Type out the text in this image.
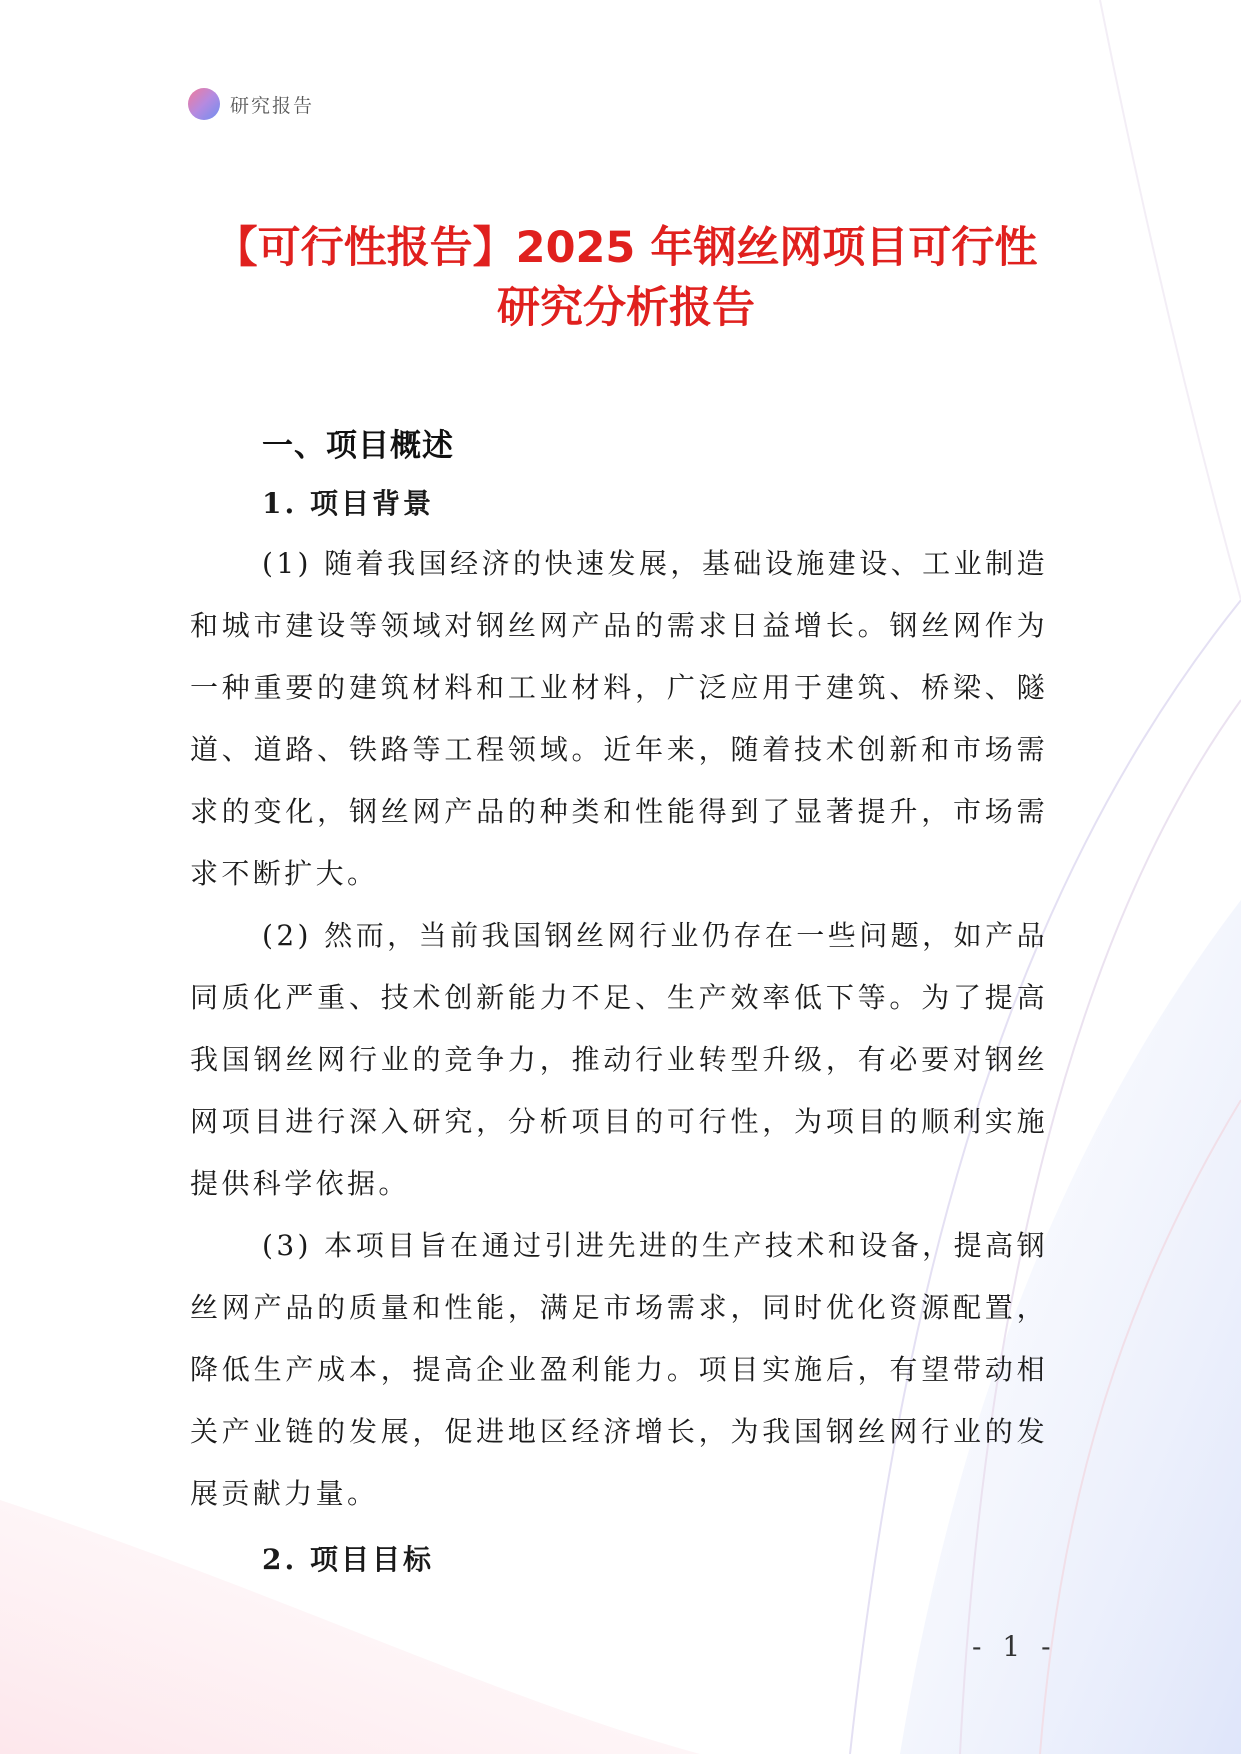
研究报告
【可行性报告】2025 年钢丝网项目可行性研究分析报告
一、项目概述
1. 项目背景

(1) 随着我国经济的快速发展，基础设施建设、工业制造和城市建设等领域对钢丝网产品的需求日益增长。钢丝网作为一种重要的建筑材料和工业材料，广泛应用于建筑、桥梁、隧道、道路、铁路等工程领域。近年来，随着技术创新和市场需求的变化，钢丝网产品的种类和性能得到了显著提升，市场需求不断扩大。

(2) 然而，当前我国钢丝网行业仍存在一些问题，如产品同质化严重、技术创新能力不足、生产效率低下等。为了提高我国钢丝网行业的竞争力，推动行业转型升级，有必要对钢丝网项目进行深入研究，分析项目的可行性，为项目的顺利实施提供科学依据。

(3) 本项目旨在通过引进先进的生产技术和设备，提高钢丝网产品的质量和性能，满足市场需求，同时优化资源配置，降低生产成本，提高企业盈利能力。项目实施后，有望带动相关产业链的发展，促进地区经济增长，为我国钢丝网行业的发展贡献力量。

2. 项目目标
- 1 -
